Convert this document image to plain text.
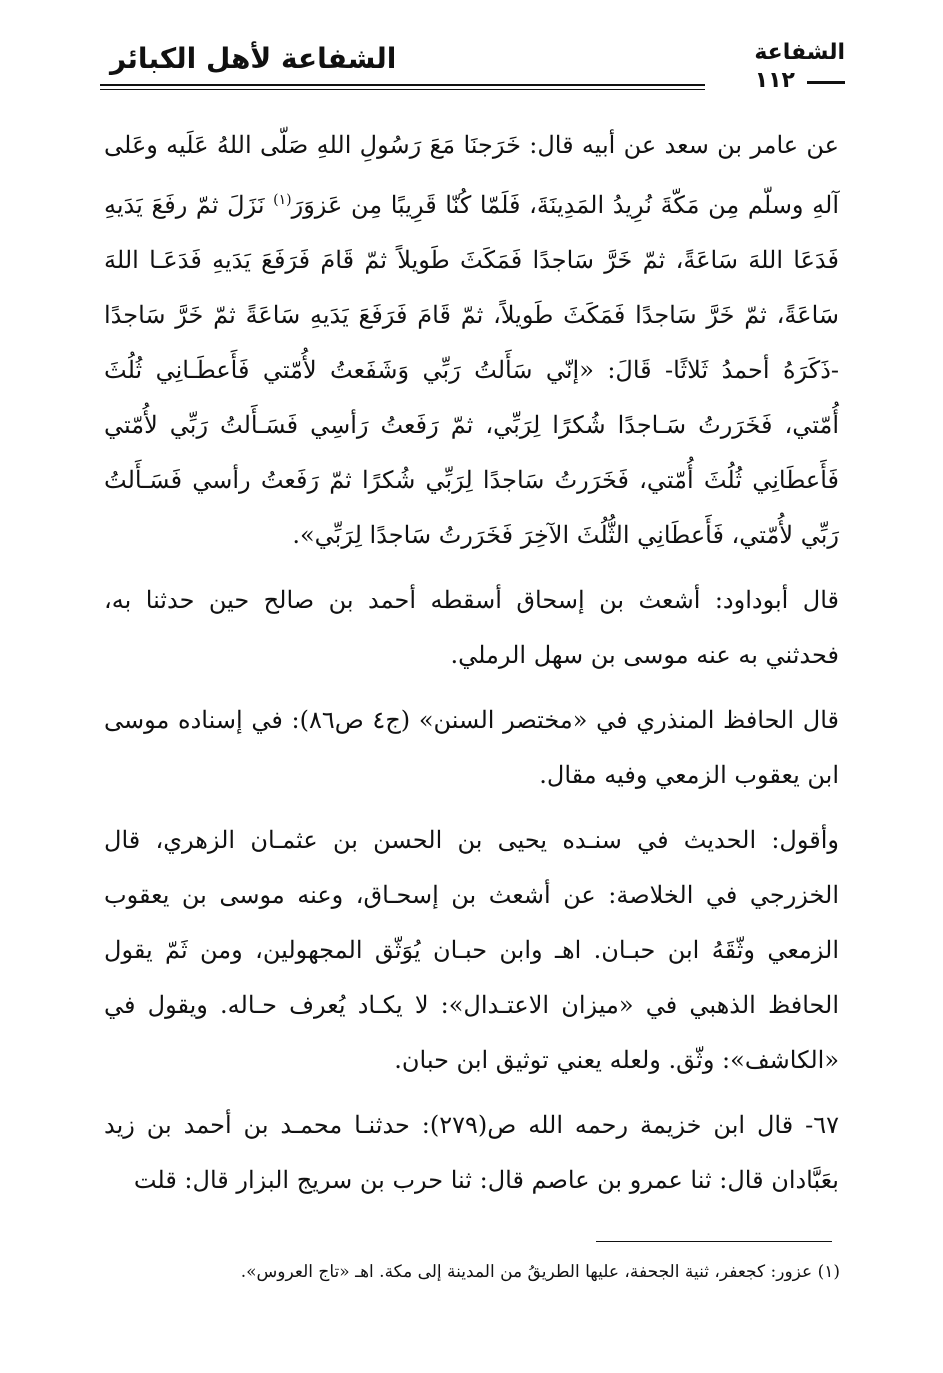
الشفاعة
١١٢
الشفاعة لأهل الكبائر

عن عامر بن سعد عن أبيه قال: خَرَجنَا مَعَ رَسُولِ اللهِ صَلّى اللهُ عَلَيه وعَلى آلهِ وسلّم مِن مَكّةَ نُرِيدُ المَدِينَةَ، فَلَمّا كُنّا قَرِيبًا مِن عَزوَرَ$^{(١)}$ نَزَلَ ثمّ رفَعَ يَدَيهِ فَدَعَا اللهَ سَاعَةً، ثمّ خَرَّ سَاجدًا فَمَكَثَ طَويلاً ثمّ قَامَ فَرَفَعَ يَدَيهِ فَدَعَـا اللهَ سَاعَةً، ثمّ خَرَّ سَاجدًا فَمَكَثَ طَويلاً، ثمّ قَامَ فَرَفَعَ يَدَيهِ سَاعَةً ثمّ خَرَّ سَاجدًا -ذَكَرَهُ أحمدُ ثَلاثًا- قَالَ: «إنّي سَأَلتُ رَبِّي وَشَفَعتُ لأُمّتي فَأَعطَـانِي ثُلُثَ أُمّتي، فَخَرَرتُ سَـاجدًا شُكرًا لِرَبِّي، ثمّ رَفَعتُ رَأسِي فَسَـأَلتُ رَبِّي لأُمّتي فَأَعطَانِي ثُلُثَ أُمّتي، فَخَرَرتُ سَاجدًا لِرَبِّي شُكرًا ثمّ رَفَعتُ رأسي فَسَـأَلتُ رَبِّي لأُمّتي، فَأَعطَانِي الثُّلُثَ الآخِرَ فَخَرَرتُ سَاجدًا لِرَبِّي».

قال أبوداود: أشعث بن إسحاق أسقطه أحمد بن صالح حين حدثنا به، فحدثني به عنه موسى بن سهل الرملي.

قال الحافظ المنذري في «مختصر السنن» (ج٤ ص٨٦): في إسناده موسى ابن يعقوب الزمعي وفيه مقال.

وأقول: الحديث في سنـده يحيى بن الحسن بن عثمـان الزهري، قال الخزرجي في الخلاصة: عن أشعث بن إسحـاق، وعنه موسى بن يعقوب الزمعي وثّقَهُ ابن حبـان. اهـ وابن حبـان يُوَثّق المجهولين، ومن ثَمّ يقول الحافظ الذهبي في «ميزان الاعتـدال»: لا يكـاد يُعرف حـاله. ويقول في «الكاشف»: وثّق. ولعله يعني توثيق ابن حبان.

٦٧- قال ابن خزيمة رحمه الله ص(٢٧٩): حدثنـا محمـد بن أحمد بن زيد بعَبَّادان قال: ثنا عمرو بن عاصم قال: ثنا حرب بن سريج البزار قال: قلت

(١) عزور: كجعفر، ثنية الجحفة، عليها الطريقُ من المدينة إلى مكة. اهـ «تاج العروس».
